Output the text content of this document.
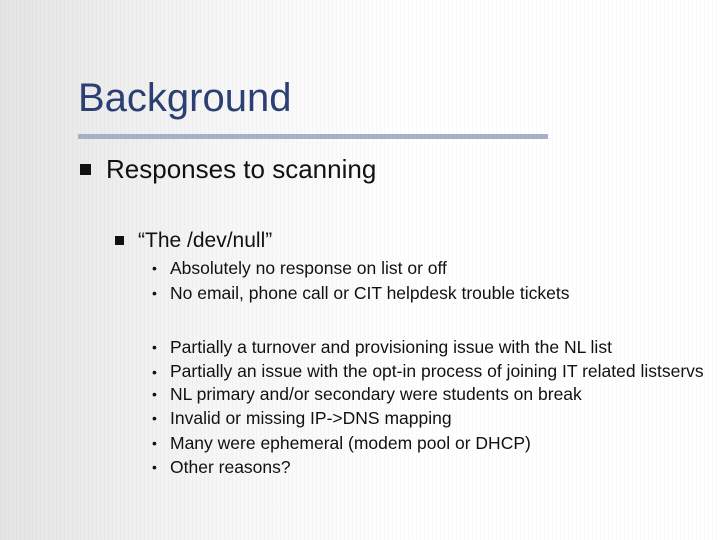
Background
Responses to scanning
“The /dev/null”
• Absolutely no response on list or off
• No email, phone call or CIT helpdesk trouble tickets
• Partially a turnover and provisioning issue with the NL list
• Partially an issue with the opt-in process of joining IT related listservs
• NL primary and/or secondary were students on break
• Invalid or missing IP->DNS mapping
• Many were ephemeral (modem pool or DHCP)
• Other reasons?
